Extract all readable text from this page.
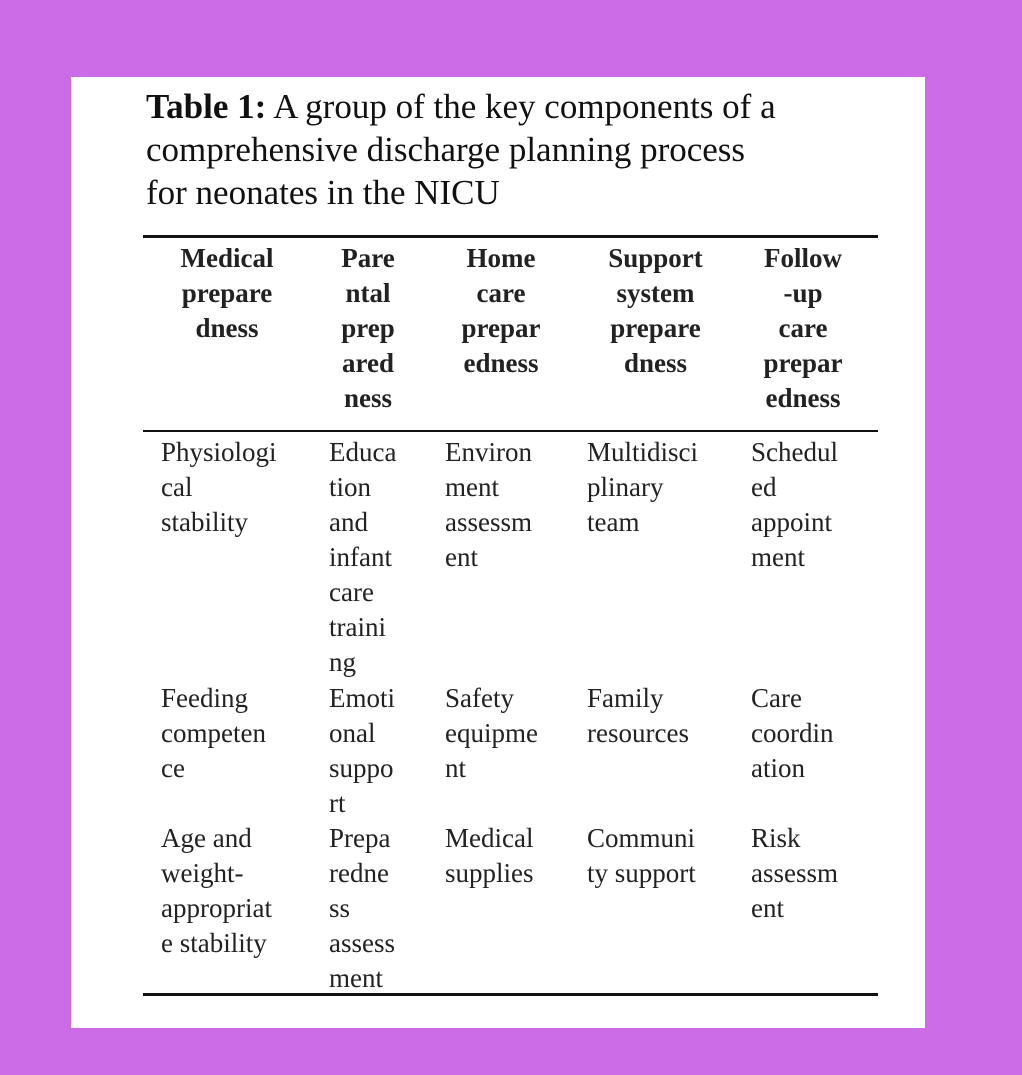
Table 1: A group of the key components of a
comprehensive discharge planning process
for neonates in the NICU
Medical
prepare
dness
Pare
ntal
prep
ared
ness
Home
care
prepar
edness
Support
system
prepare
dness
Follow
-up
care
prepar
edness
Physiologi
cal
stability
Educa
tion
and
infant
care
traini
ng
Environ
ment
assessm
ent
Multidisci
plinary
team
Schedul
ed
appoint
ment
Feeding
competen
ce
Emoti
onal
suppo
rt
Safety
equipme
nt
Family
resources
Care
coordin
ation
Age and
weight-
appropriat
e stability
Prepa
redne
ss
assess
ment
Medical
supplies
Communi
ty support
Risk
assessm
ent
